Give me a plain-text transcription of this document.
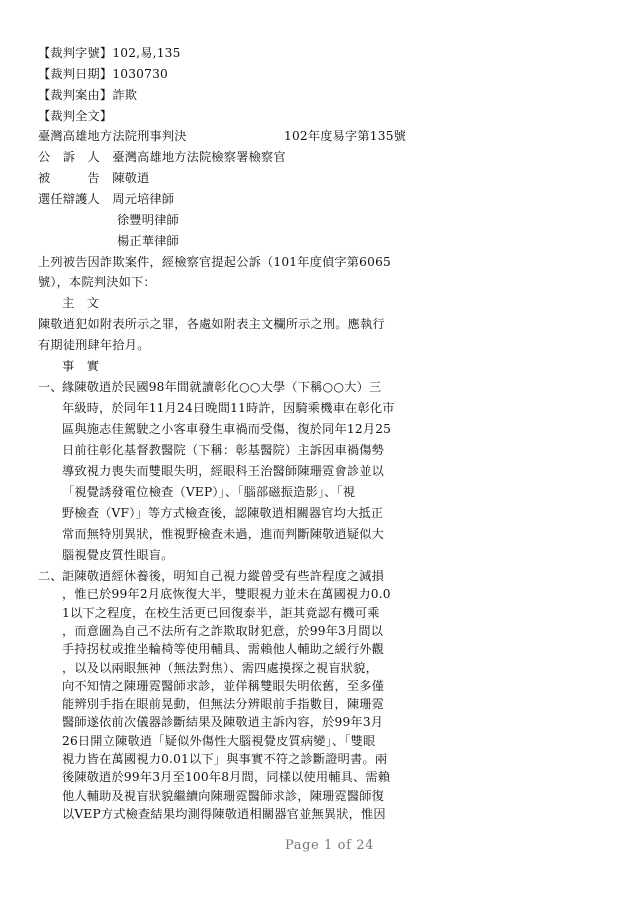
【裁判字號】102,易,135
【裁判日期】1030730
【裁判案由】詐欺
【裁判全文】
臺灣高雄地方法院刑事判決	102年度易字第135號
公　訴　人　臺灣高雄地方法院檢察署檢察官
被　　　告　陳敬逍
選任辯護人　周元培律師
徐豐明律師
楊正華律師
上列被告因詐欺案件，經檢察官提起公訴（101年度偵字第6065
號），本院判決如下：
主　文
陳敬逍犯如附表所示之罪，各處如附表主文欄所示之刑。應執行
有期徒刑肆年拾月。
事　實
一、 緣陳敬逍於民國98年間就讀彰化○○大學（下稱○○大）三
年級時，於同年11月24日晚間11時許，因騎乘機車在彰化市
區與施志佳駕駛之小客車發生車禍而受傷，復於同年12月25
日前往彰化基督教醫院（下稱：彰基醫院）主訴因車禍傷勢
導致視力喪失而雙眼失明，經眼科王治醫師陳珊霓會診並以
「視覺誘發電位檢查（VEP）」、「腦部磁振造影」、「視
野檢查（VF）」等方式檢查後，認陳敬逍相關器官均大抵正
常而無特別異狀，惟視野檢查未過，進而判斷陳敬逍疑似大
腦視覺皮質性眼盲。
二、 詎陳敬逍經休養後，明知自己視力縱曾受有些許程度之減損
，惟已於99年2月底恢復大半，雙眼視力並未在萬國視力0.0
1以下之程度，在校生活更已回復泰半，詎其竟認有機可乘
，而意圖為自己不法所有之詐欺取財犯意，於99年3月間以
手持拐杖或推坐輪椅等使用輔具、需賴他人輔助之緩行外觀
，以及以兩眼無神（無法對焦）、需四處摸探之視盲狀貌，
向不知情之陳珊霓醫師求診，並佯稱雙眼失明依舊，至多僅
能辨別手指在眼前晃動，但無法分辨眼前手指數目，陳珊霓
醫師遂依前次儀器診斷結果及陳敬逍主訴內容，於99年3月
26日開立陳敬逍「疑似外傷性大腦視覺皮質病變」、「雙眼
視力皆在萬國視力0.01以下」與事實不符之診斷證明書。兩
後陳敬逍於99年3月至100年8月間，同樣以使用輔具、需賴
他人輔助及視盲狀貌繼續向陳珊霓醫師求診，陳珊霓醫師復
以VEP方式檢查結果均測得陳敬逍相關器官並無異狀，惟因
Page 1 of 24
